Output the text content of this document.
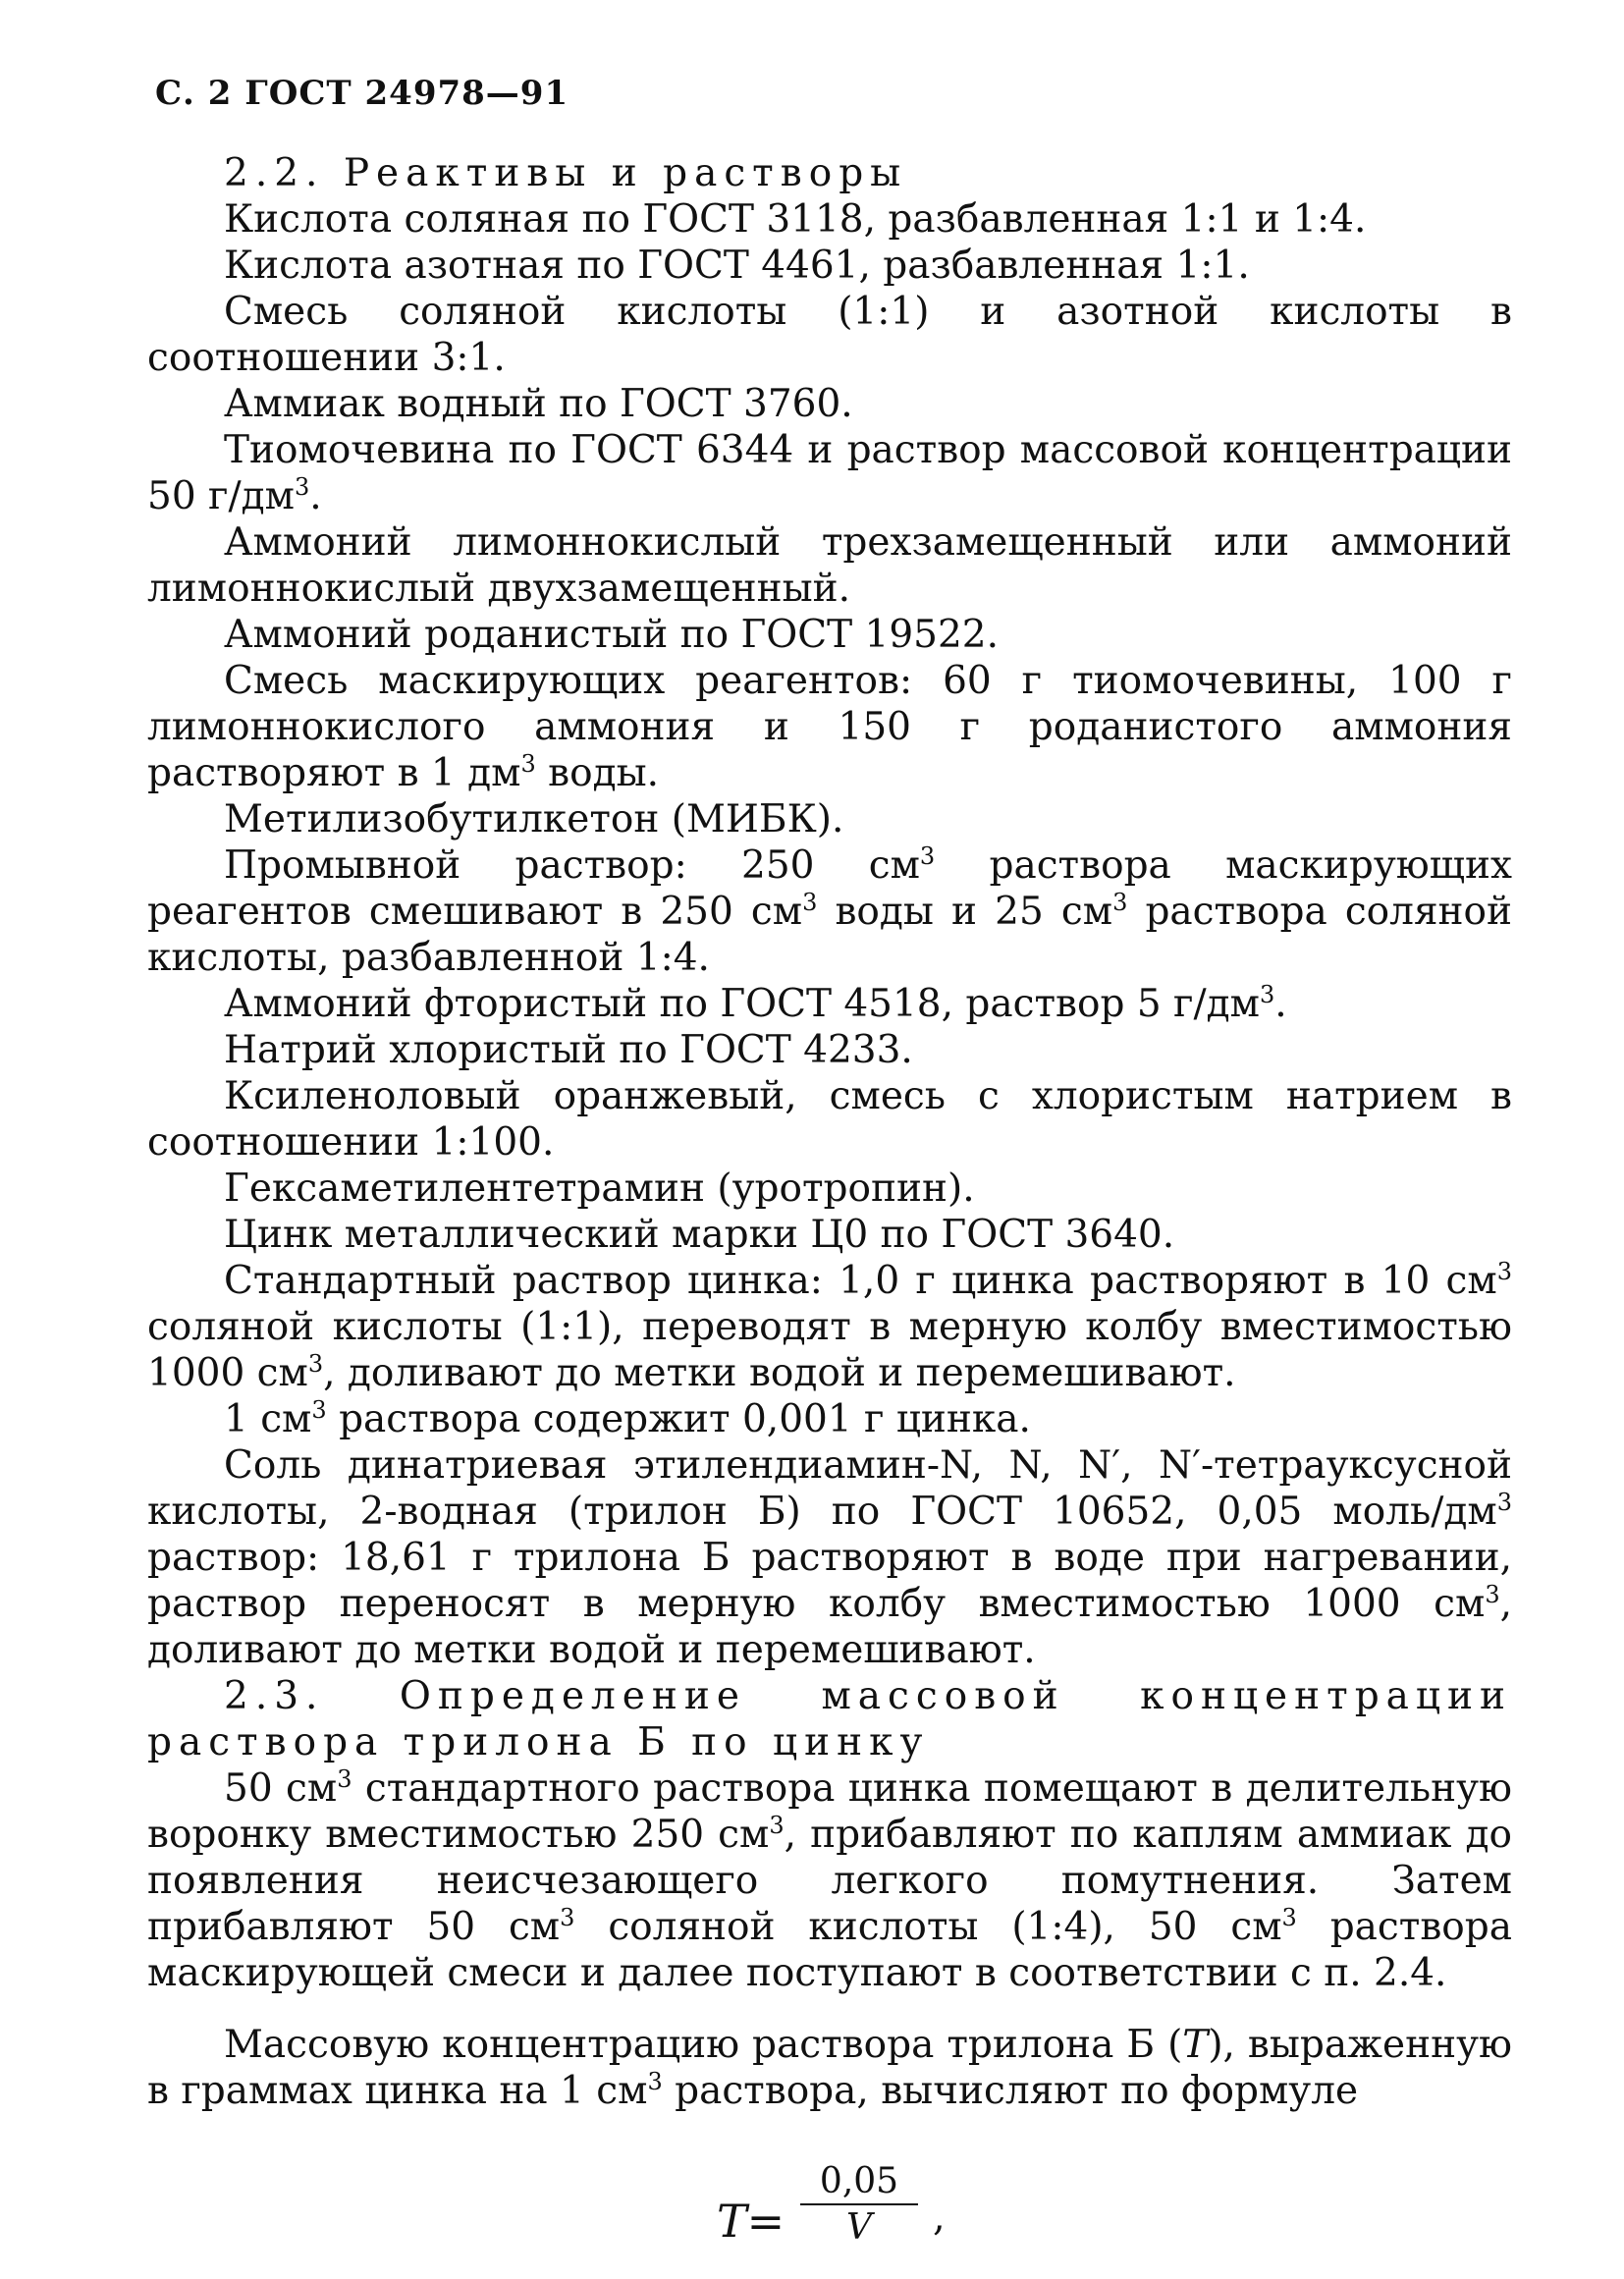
С. 2 ГОСТ 24978—91

2.2. Реактивы и растворы

Кислота соляная по ГОСТ 3118, разбавленная 1:1 и 1:4.

Кислота азотная по ГОСТ 4461, разбавленная 1:1.

Смесь соляной кислоты (1:1) и азотной кислоты в соотношении 3:1.

Аммиак водный по ГОСТ 3760.

Тиомочевина по ГОСТ 6344 и раствор массовой концентрации 50 $г/дм^3$.

Аммоний лимоннокислый трехзамещенный или аммоний лимоннокислый двухзамещенный.

Аммоний роданистый по ГОСТ 19522.

Смесь маскирующих реагентов: 60 г тиомочевины, 100 г лимоннокислого аммония и 150 г роданистого аммония растворяют в 1 $дм^3$ воды.

Метилизобутилкетон (МИБК).

Промывной раствор: 250 $см^3$ раствора маскирующих реагентов смешивают в 250 $см^3$ воды и 25 $см^3$ раствора соляной кислоты, разбавленной 1:4.

Аммоний фтористый по ГОСТ 4518, раствор 5 $г/дм^3$.

Натрий хлористый по ГОСТ 4233.

Ксиленоловый оранжевый, смесь с хлористым натрием в соотношении 1:100.

Гексаметилентетрамин (уротропин).

Цинк металлический марки Ц0 по ГОСТ 3640.

Стандартный раствор цинка: 1,0 г цинка растворяют в 10 $см^3$ соляной кислоты (1:1), переводят в мерную колбу вместимостью 1000 $см^3$, доливают до метки водой и перемешивают.

1 $см^3$ раствора содержит 0,001 г цинка.

Соль динатриевая этилендиамин-N, N, N′, N′-тетрауксусной кислоты, 2-водная (трилон Б) по ГОСТ 10652, 0,05 моль/$дм^3$ раствор: 18,61 г трилона Б растворяют в воде при нагревании, раствор переносят в мерную колбу вместимостью 1000 $см^3$, доливают до метки водой и перемешивают.

2.3. Определение массовой концентрации

раствора трилона Б по цинку

50 $см^3$ стандартного раствора цинка помещают в делительную воронку вместимостью 250 $см^3$, прибавляют по каплям аммиак до появления неисчезающего легкого помутнения. Затем прибавляют 50 $см^3$ соляной кислоты (1:4), 50 $см^3$ раствора маскирующей смеси и далее поступают в соответствии с п. 2.4.

Массовую концентрацию раствора трилона Б (T), выраженную в граммах цинка на 1 $см^3$ раствора, вычисляют по формуле

$T= \frac{0,05}{V}$ ,
